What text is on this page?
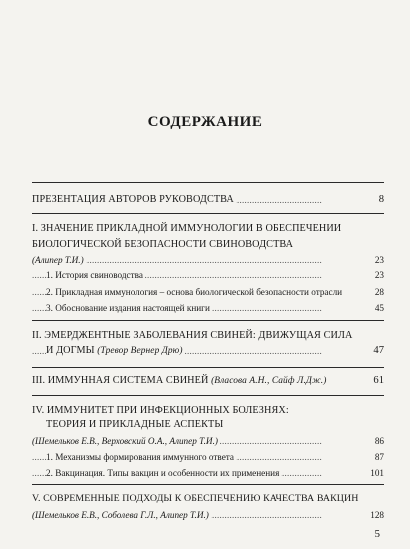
СОДЕРЖАНИЕ
. . .
ПРЕЗЕНТАЦИЯ АВТОРОВ РУКОВОДСТВА	8
I. ЗНАЧЕНИЕ ПРИКЛАДНОЙ ИММУНОЛОГИИ В ОБЕСПЕЧЕНИИ
БИОЛОГИЧЕСКОЙ БЕЗОПАСНОСТИ СВИНОВОДСТВА
. . .
(Алипер Т.И.)	23
. . .
1. История свиноводства	23
. . .
2. Прикладная иммунология – основа биологической безопасности отрасли	28
. . .
3. Обоснование издания настоящей книги	45
II. ЭМЕРДЖЕНТНЫЕ ЗАБОЛЕВАНИЯ СВИНЕЙ: ДВИЖУЩАЯ СИЛА
. . .
И ДОГМЫ (Тревор Вернер Дрю)	47
. . .
III. ИММУННАЯ СИСТЕМА СВИНЕЙ (Власова А.Н., Сайф Л.Дж.)	61
IV. ИММУНИТЕТ ПРИ ИНФЕКЦИОННЫХ БОЛЕЗНЯХ:
ТЕОРИЯ И ПРИКЛАДНЫЕ АСПЕКТЫ
. . .
(Шемельков Е.В., Верховский О.А., Алипер Т.И.)	86
. . .
1. Механизмы формирования иммунного ответа	87
. . .
2. Вакцинация. Типы вакцин и особенности их применения	101
V. СОВРЕМЕННЫЕ ПОДХОДЫ К ОБЕСПЕЧЕНИЮ КАЧЕСТВА ВАКЦИН
. . .
(Шемельков Е.В., Соболева Г.Л., Алипер Т.И.)	128
5
